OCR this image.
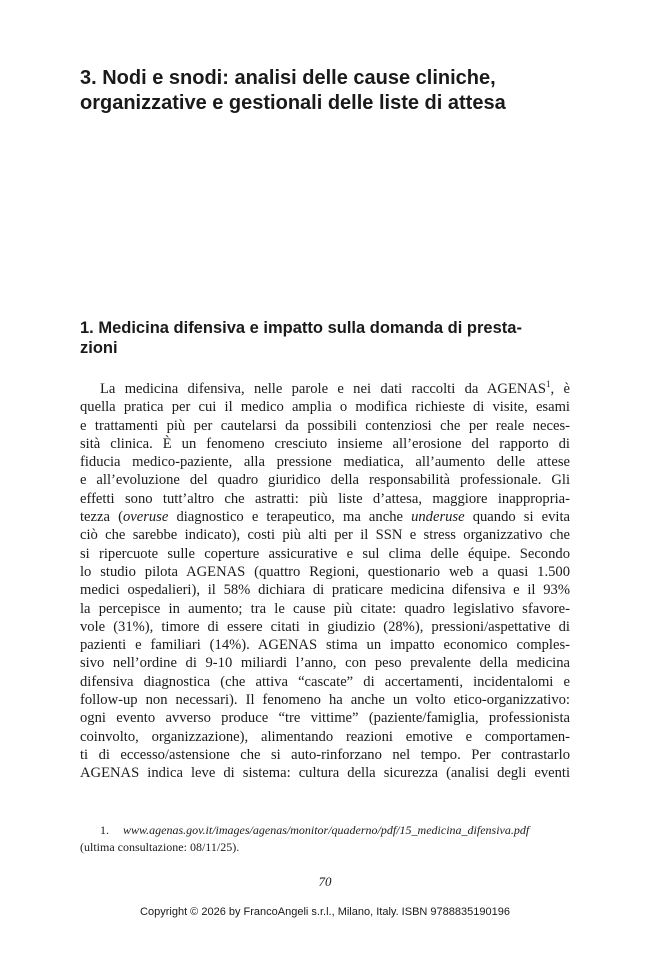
3. Nodi e snodi: analisi delle cause cliniche,
organizzative e gestionali delle liste di attesa
1. Medicina difensiva e impatto sulla domanda di presta-
zioni
La medicina difensiva, nelle parole e nei dati raccolti da AGENAS$^1$, è
quella pratica per cui il medico amplia o modifica richieste di visite, esami
e trattamenti più per cautelarsi da possibili contenziosi che per reale neces-
sità clinica. È un fenomeno cresciuto insieme all’erosione del rapporto di
fiducia medico-paziente, alla pressione mediatica, all’aumento delle attese
e all’evoluzione del quadro giuridico della responsabilità professionale. Gli
effetti sono tutt’altro che astratti: più liste d’attesa, maggiore inappropria-
tezza (overuse diagnostico e terapeutico, ma anche underuse quando si evita
ciò che sarebbe indicato), costi più alti per il SSN e stress organizzativo che
si ripercuote sulle coperture assicurative e sul clima delle équipe. Secondo
lo studio pilota AGENAS (quattro Regioni, questionario web a quasi 1.500
medici ospedalieri), il 58% dichiara di praticare medicina difensiva e il 93%
la percepisce in aumento; tra le cause più citate: quadro legislativo sfavore-
vole (31%), timore di essere citati in giudizio (28%), pressioni/aspettative di
pazienti e familiari (14%). AGENAS stima un impatto economico comples-
sivo nell’ordine di 9-10 miliardi l’anno, con peso prevalente della medicina
difensiva diagnostica (che attiva “cascate” di accertamenti, incidentalomi e
follow-up non necessari). Il fenomeno ha anche un volto etico-organizzativo:
ogni evento avverso produce “tre vittime” (paziente/famiglia, professionista
coinvolto, organizzazione), alimentando reazioni emotive e comportamen-
ti di eccesso/astensione che si auto-rinforzano nel tempo. Per contrastarlo
AGENAS indica leve di sistema: cultura della sicurezza (analisi degli eventi
1. www.agenas.gov.it/images/agenas/monitor/quaderno/pdf/15_medicina_difensiva.pdf
(ultima consultazione: 08/11/25).
70
Copyright © 2026 by FrancoAngeli s.r.l., Milano, Italy. ISBN 9788835190196
